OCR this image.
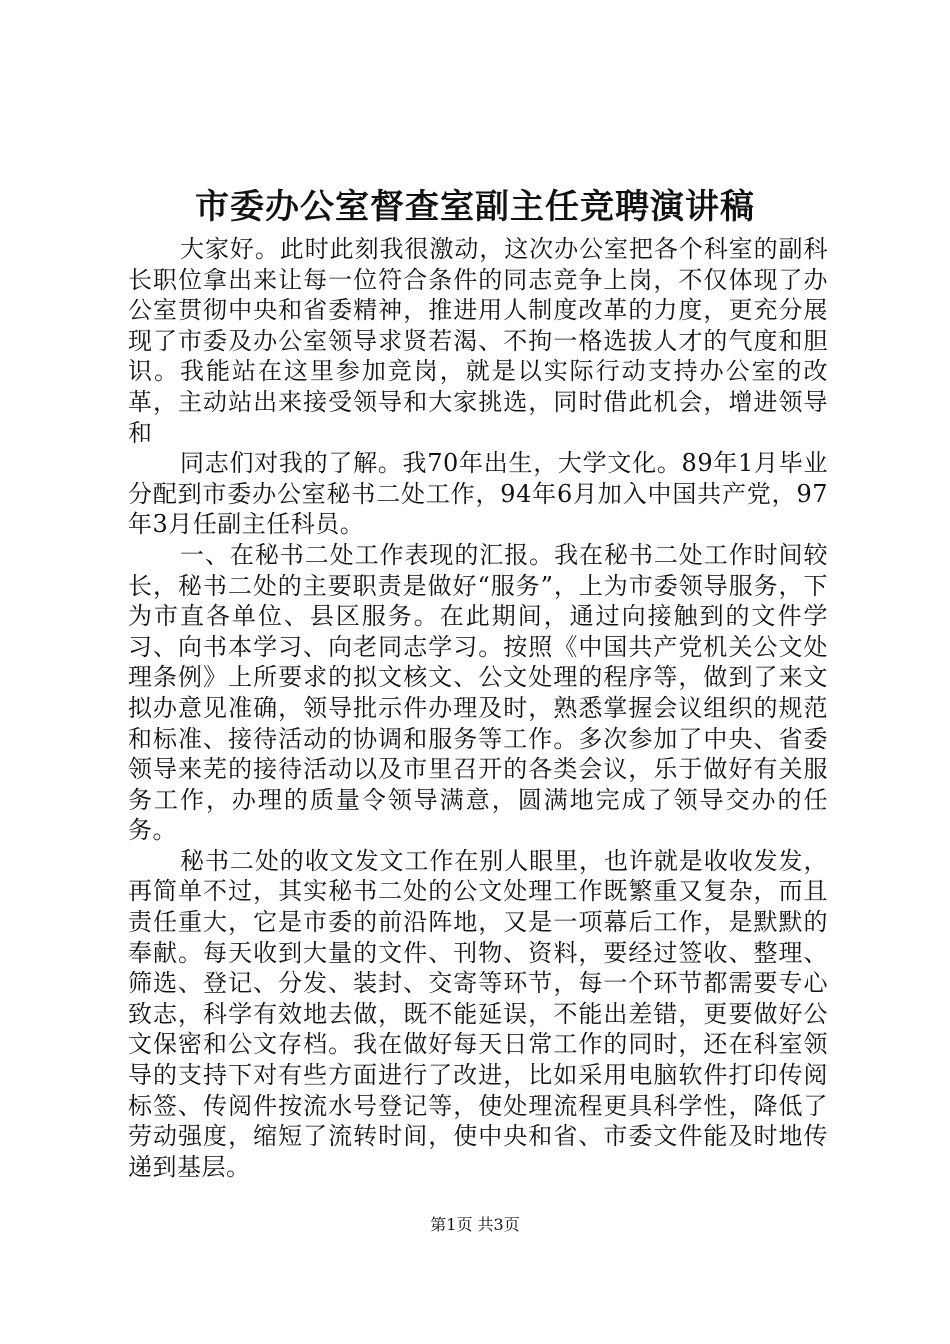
市委办公室督查室副主任竞聘演讲稿

大家好。此时此刻我很激动，这次办公室把各个科室的副科长职位拿出来让每一位符合条件的同志竞争上岗，不仅体现了办公室贯彻中央和省委精神，推进用人制度改革的力度，更充分展现了市委及办公室领导求贤若渴、不拘一格选拔人才的气度和胆识。我能站在这里参加竞岗，就是以实际行动支持办公室的改革，主动站出来接受领导和大家挑选，同时借此机会，增进领导和

同志们对我的了解。我70年出生，大学文化。89年1月毕业分配到市委办公室秘书二处工作，94年6月加入中国共产党，97年3月任副主任科员。

一、在秘书二处工作表现的汇报。我在秘书二处工作时间较长，秘书二处的主要职责是做好“服务”，上为市委领导服务，下为市直各单位、县区服务。在此期间，通过向接触到的文件学习、向书本学习、向老同志学习。按照《中国共产党机关公文处理条例》上所要求的拟文核文、公文处理的程序等，做到了来文拟办意见准确，领导批示件办理及时，熟悉掌握会议组织的规范和标准、接待活动的协调和服务等工作。多次参加了中央、省委领导来芜的接待活动以及市里召开的各类会议，乐于做好有关服务工作，办理的质量令领导满意，圆满地完成了领导交办的任务。

秘书二处的收文发文工作在别人眼里，也许就是收收发发，再简单不过，其实秘书二处的公文处理工作既繁重又复杂，而且责任重大，它是市委的前沿阵地，又是一项幕后工作，是默默的奉献。每天收到大量的文件、刊物、资料，要经过签收、整理、筛选、登记、分发、装封、交寄等环节，每一个环节都需要专心致志，科学有效地去做，既不能延误，不能出差错，更要做好公文保密和公文存档。我在做好每天日常工作的同时，还在科室领导的支持下对有些方面进行了改进，比如采用电脑软件打印传阅标签、传阅件按流水号登记等，使处理流程更具科学性，降低了劳动强度，缩短了流转时间，使中央和省、市委文件能及时地传递到基层。

第1页 共3页
